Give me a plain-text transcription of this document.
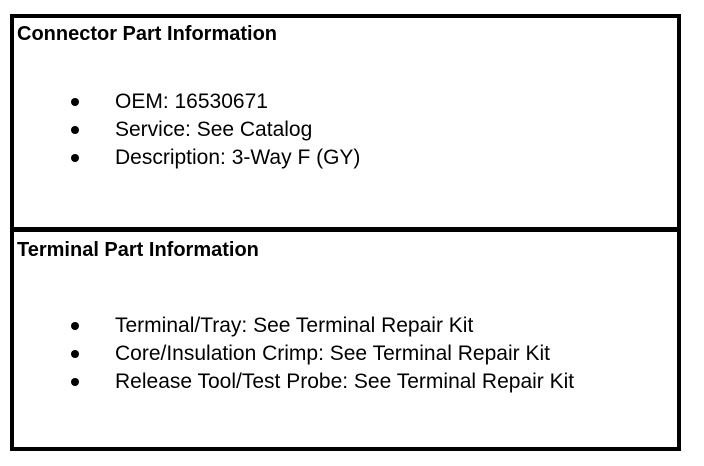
Connector Part Information
OEM: 16530671
Service: See Catalog
Description: 3-Way F (GY)
Terminal Part Information
Terminal/Tray: See Terminal Repair Kit
Core/Insulation Crimp: See Terminal Repair Kit
Release Tool/Test Probe: See Terminal Repair Kit
